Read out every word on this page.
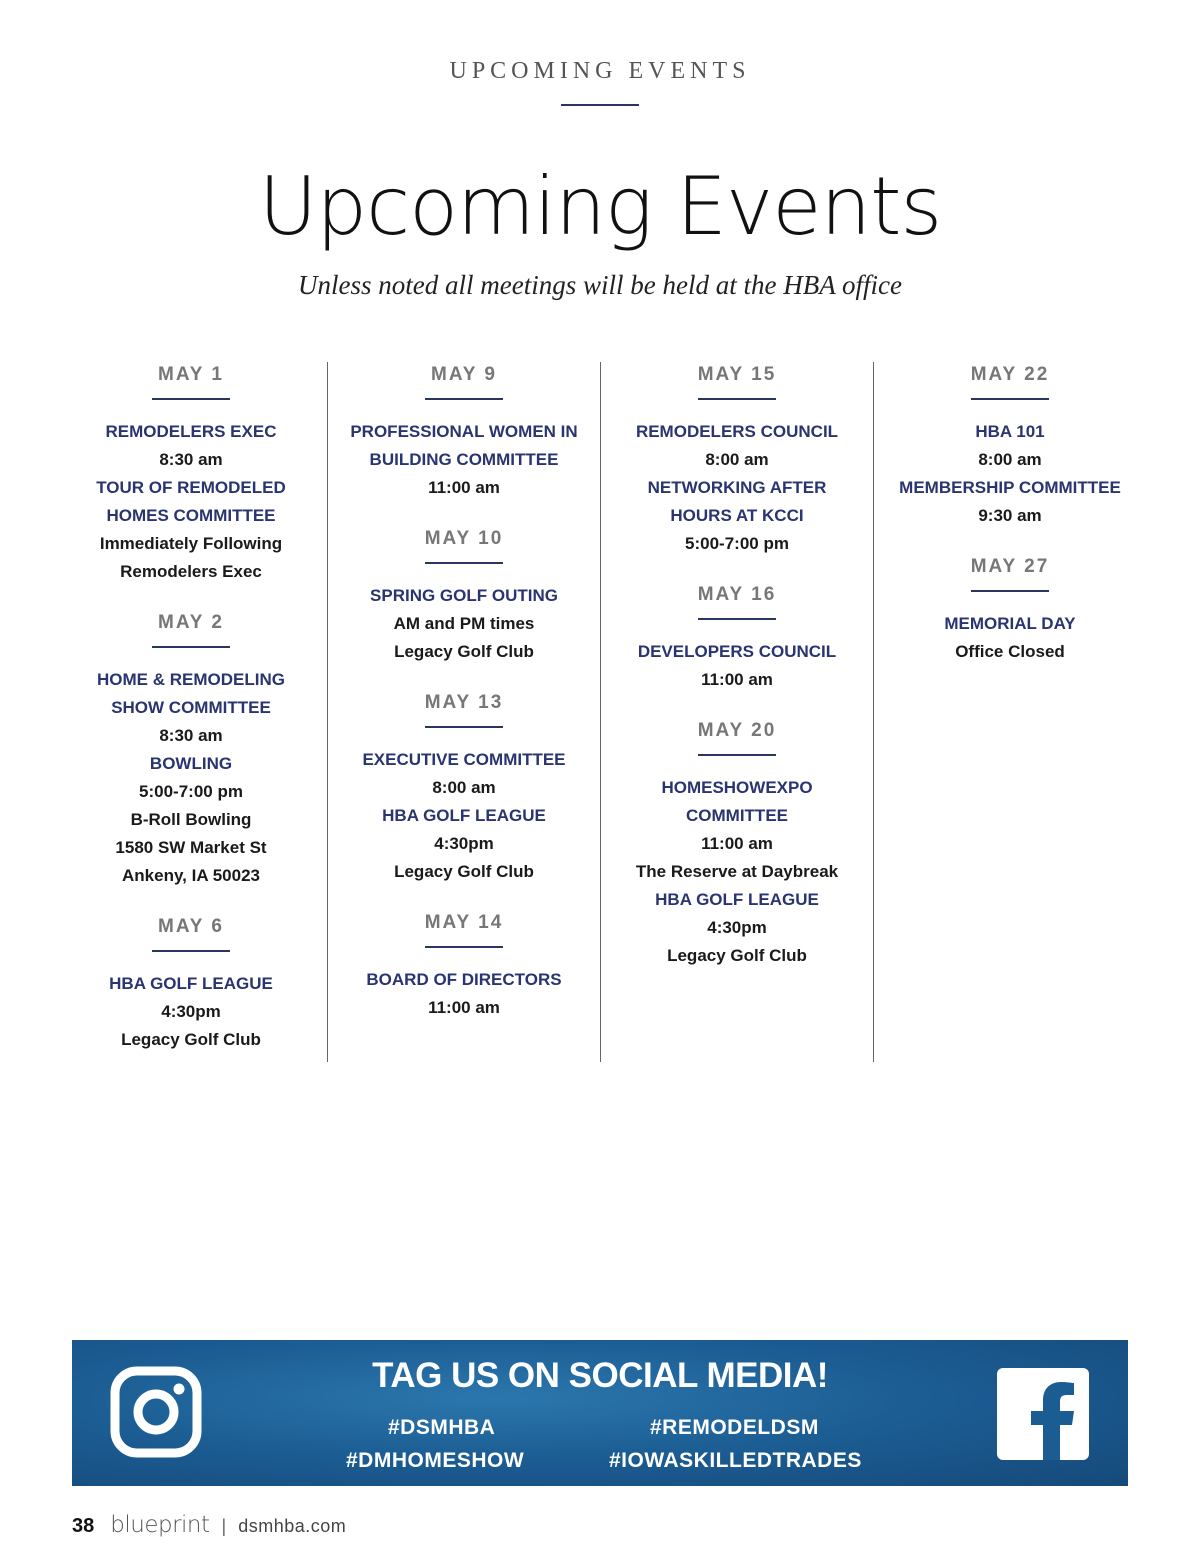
UPCOMING EVENTS
Upcoming Events
Unless noted all meetings will be held at the HBA office
MAY 1
REMODELERS EXEC
8:30 am
TOUR OF REMODELED
HOMES COMMITTEE
Immediately Following
Remodelers Exec
MAY 2
HOME & REMODELING
SHOW COMMITTEE
8:30 am
BOWLING
5:00-7:00 pm
B-Roll Bowling
1580 SW Market St
Ankeny, IA 50023
MAY 6
HBA GOLF LEAGUE
4:30pm
Legacy Golf Club
MAY 9
PROFESSIONAL WOMEN IN
BUILDING COMMITTEE
11:00 am
MAY 10
SPRING GOLF OUTING
AM and PM times
Legacy Golf Club
MAY 13
EXECUTIVE COMMITTEE
8:00 am
HBA GOLF LEAGUE
4:30pm
Legacy Golf Club
MAY 14
BOARD OF DIRECTORS
11:00 am
MAY 15
REMODELERS COUNCIL
8:00 am
NETWORKING AFTER
HOURS AT KCCI
5:00-7:00 pm
MAY 16
DEVELOPERS COUNCIL
11:00 am
MAY 20
HOMESHOWEXPO
COMMITTEE
11:00 am
The Reserve at Daybreak
HBA GOLF LEAGUE
4:30pm
Legacy Golf Club
MAY 22
HBA 101
8:00 am
MEMBERSHIP COMMITTEE
9:30 am
MAY 27
MEMORIAL DAY
Office Closed
TAG US ON SOCIAL MEDIA!
#DSMHBA	#REMODELDSM
#DMHOMESHOW	#IOWASKILLEDTRADES
38 blueprint | dsmhba.com
